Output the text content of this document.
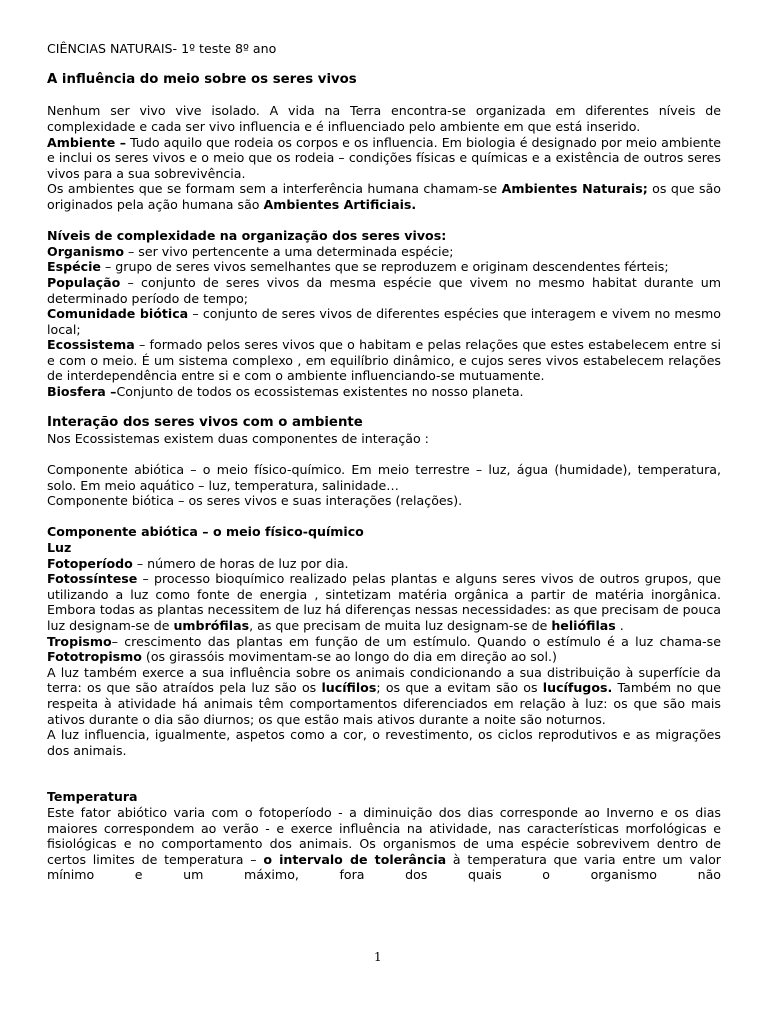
CIÊNCIAS NATURAIS- 1º teste 8º ano

A influência do meio sobre os seres vivos

Nenhum ser vivo vive isolado. A vida na Terra encontra-se organizada em diferentes níveis de complexidade e cada ser vivo influencia e é influenciado pelo ambiente em que está inserido.

Ambiente – Tudo aquilo que rodeia os corpos e os influencia. Em biologia é designado por meio ambiente e inclui os seres vivos e o meio que os rodeia – condições físicas e químicas e a existência de outros seres vivos para a sua sobrevivência.

Os ambientes que se formam sem a interferência humana chamam-se Ambientes Naturais; os que são originados pela ação humana são Ambientes Artificiais.

Níveis de complexidade na organização dos seres vivos:

Organismo – ser vivo pertencente a uma determinada espécie;

Espécie – grupo de seres vivos semelhantes que se reproduzem e originam descendentes férteis;

População – conjunto de seres vivos da mesma espécie que vivem no mesmo habitat durante um determinado período de tempo;

Comunidade biótica – conjunto de seres vivos de diferentes espécies que interagem e vivem no mesmo local;

Ecossistema – formado pelos seres vivos que o habitam e pelas relações que estes estabelecem entre si e com o meio. É um sistema complexo , em equilíbrio dinâmico, e cujos seres vivos estabelecem relações de interdependência entre si e com o ambiente influenciando-se mutuamente.

Biosfera –Conjunto de todos os ecossistemas existentes no nosso planeta.

Interação dos seres vivos com o ambiente

Nos Ecossistemas existem duas componentes de interação :

Componente abiótica – o meio físico-químico. Em meio terrestre – luz, água (humidade), temperatura, solo. Em meio aquático – luz, temperatura, salinidade…

Componente biótica – os seres vivos e suas interações (relações).

Componente abiótica – o meio físico-químico

Luz

Fotoperíodo – número de horas de luz por dia.

Fotossíntese – processo bioquímico realizado pelas plantas e alguns seres vivos de outros grupos, que utilizando a luz como fonte de energia , sintetizam matéria orgânica a partir de matéria inorgânica. Embora todas as plantas necessitem de luz há diferenças nessas necessidades: as que precisam de pouca luz designam-se de umbrófilas, as que precisam de muita luz designam-se de heliófilas .

Tropismo– crescimento das plantas em função de um estímulo. Quando o estímulo é a luz chama-se Fototropismo (os girassóis movimentam-se ao longo do dia em direção ao sol.)

A luz também exerce a sua influência sobre os animais condicionando a sua distribuição à superfície da terra: os que são atraídos pela luz são os lucífilos; os que a evitam são os lucífugos. Também no que respeita à atividade há animais têm comportamentos diferenciados em relação à luz: os que são mais ativos durante o dia são diurnos; os que estão mais ativos durante a noite são noturnos.

A luz influencia, igualmente, aspetos como a cor, o revestimento, os ciclos reprodutivos e as migrações dos animais.

Temperatura

Este fator abiótico varia com o fotoperíodo - a diminuição dos dias corresponde ao Inverno e os dias maiores correspondem ao verão - e exerce influência na atividade, nas características morfológicas e fisiológicas e no comportamento dos animais. Os organismos de uma espécie sobrevivem dentro de certos limites de temperatura – o intervalo de tolerância à temperatura que varia entre um valor mínimo e um máximo, fora dos quais o organismo não

1
